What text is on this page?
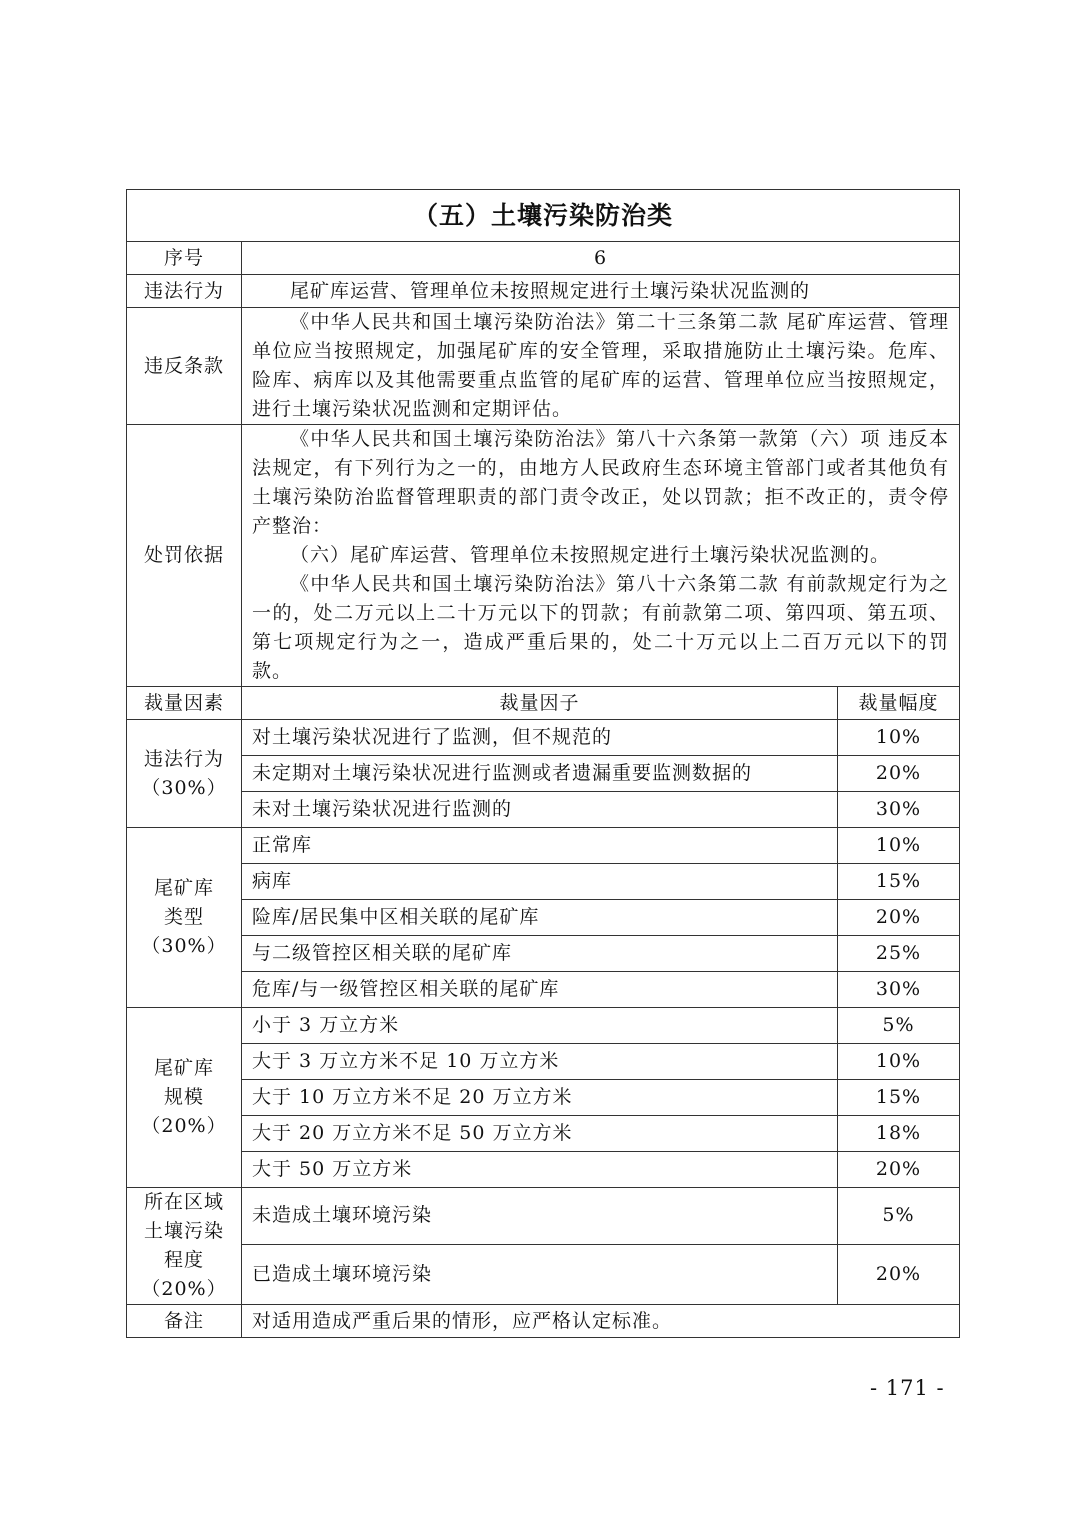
（五）土壤污染防治类		
序号	6	
违法行为	尾矿库运营、管理单位未按照规定进行土壤污染状况监测的	

违反条款	《中华人民共和国土壤污染防治法》第二十三条第二款 尾矿库运营、管理单位应当按照规定，加强尾矿库的安全管理，采取措施防止土壤污染。危库、险库、病库以及其他需要重点监管的尾矿库的运营、管理单位应当按照规定，进行土壤污染状况监测和定期评估。	

处罚依据	《中华人民共和国土壤污染防治法》第八十六条第一款第（六）项 违反本法规定，有下列行为之一的，由地方人民政府生态环境主管部门或者其他负有土壤污染防治监督管理职责的部门责令改正，处以罚款；拒不改正的，责令停产整治：

（六）尾矿库运营、管理单位未按照规定进行土壤污染状况监测的。

《中华人民共和国土壤污染防治法》第八十六条第二款 有前款规定行为之一的，处二万元以上二十万元以下的罚款；有前款第二项、第四项、第五项、第七项规定行为之一，造成严重后果的，处二十万元以上二百万元以下的罚款。	

裁量因素	裁量因子	裁量幅度

违法行为
（30%）	对土壤污染状况进行了监测，但不规范的	10%
	未定期对土壤污染状况进行监测或者遗漏重要监测数据的	20%
	未对土壤污染状况进行监测的	30%

尾矿库
类型
（30%）	正常库	10%
	病库	15%
	险库/居民集中区相关联的尾矿库	20%
	与二级管控区相关联的尾矿库	25%
	危库/与一级管控区相关联的尾矿库	30%

尾矿库
规模
（20%）	小于 3 万立方米	5%
	大于 3 万立方米不足 10 万立方米	10%
	大于 10 万立方米不足 20 万立方米	15%
	大于 20 万立方米不足 50 万立方米	18%
	大于 50 万立方米	20%

所在区域
土壤污染
程度
（20%）	未造成土壤环境污染	5%
	已造成土壤环境污染	20%
备注	对适用造成严重后果的情形，应严格认定标准。	
- 171 -
